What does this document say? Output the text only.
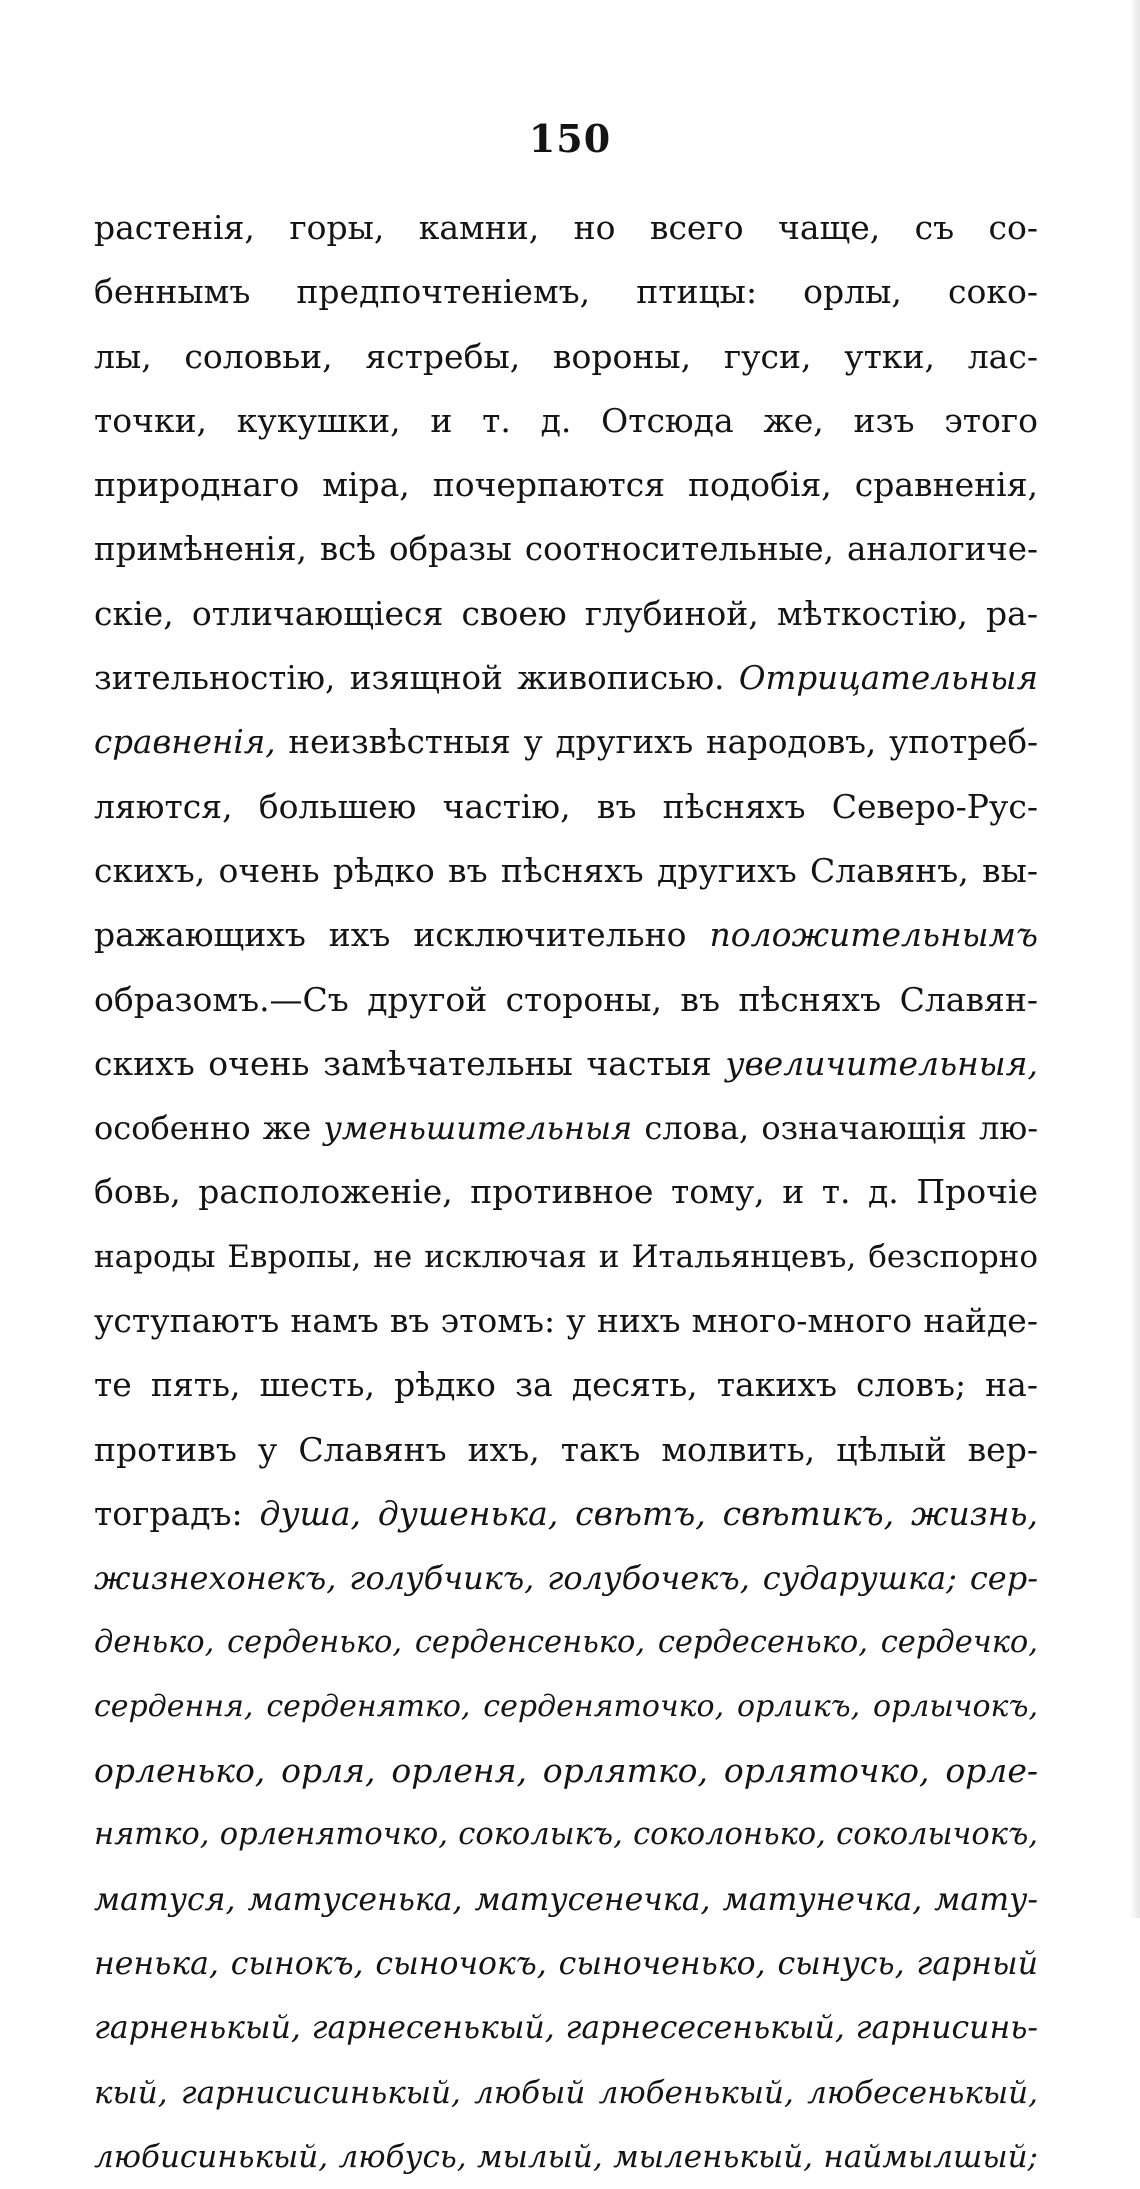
150
растенія, горы, камни, но всего чаще, съ со-
беннымъ предпочтеніемъ, птицы: орлы, соко-
лы, соловьи, ястребы, вороны, гуси, утки, лас-
точки, кукушки, и т. д. Отсюда же, изъ этого
природнаго міра, почерпаются подобія, сравненія,
примѣненія, всѣ образы соотносительные, аналогиче-
скіе, отличающіеся своею глубиной, мѣткостію, ра-
зительностію, изящной живописью. Отрицательныя
сравненія, неизвѣстныя у другихъ народовъ, употреб-
ляются, большею частію, въ пѣсняхъ Северо-Рус-
скихъ, очень рѣдко въ пѣсняхъ другихъ Славянъ, вы-
ражающихъ ихъ исключительно положительнымъ
образомъ.—Съ другой стороны, въ пѣсняхъ Славян-
скихъ очень замѣчательны частыя увеличительныя,
особенно же уменьшительныя слова, означающія лю-
бовь, расположеніе, противное тому, и т. д. Прочіе
народы Европы, не исключая и Итальянцевъ, безспорно
уступаютъ намъ въ этомъ: у нихъ много-много найде-
те пять, шесть, рѣдко за десять, такихъ словъ; на-
противъ у Славянъ ихъ, такъ молвить, цѣлый вер-
тоградъ: душа, душенька, свѣтъ, свѣтикъ, жизнь,
жизнехонекъ, голубчикъ, голубочекъ, сударушка; сер-
денько, серденько, серденсенько, сердесенько, сердечко,
сердення, серденятко, серденяточко, орликъ, орлычокъ,
орленько, орля, орленя, орлятко, орляточко, орле-
нятко, орленяточко, соколыкъ, соколонько, соколычокъ,
матуся, матусенька, матусенечка, матунечка, мату-
ненька, сынокъ, сыночокъ, сыноченько, сынусь, гарный
гарненькый, гарнесенькый, гарнесесенькый, гарнисинь-
кый, гарнисисинькый, любый любенькый, любесенькый,
любисинькый, любусь, мылый, мыленькый, наймылшый;
